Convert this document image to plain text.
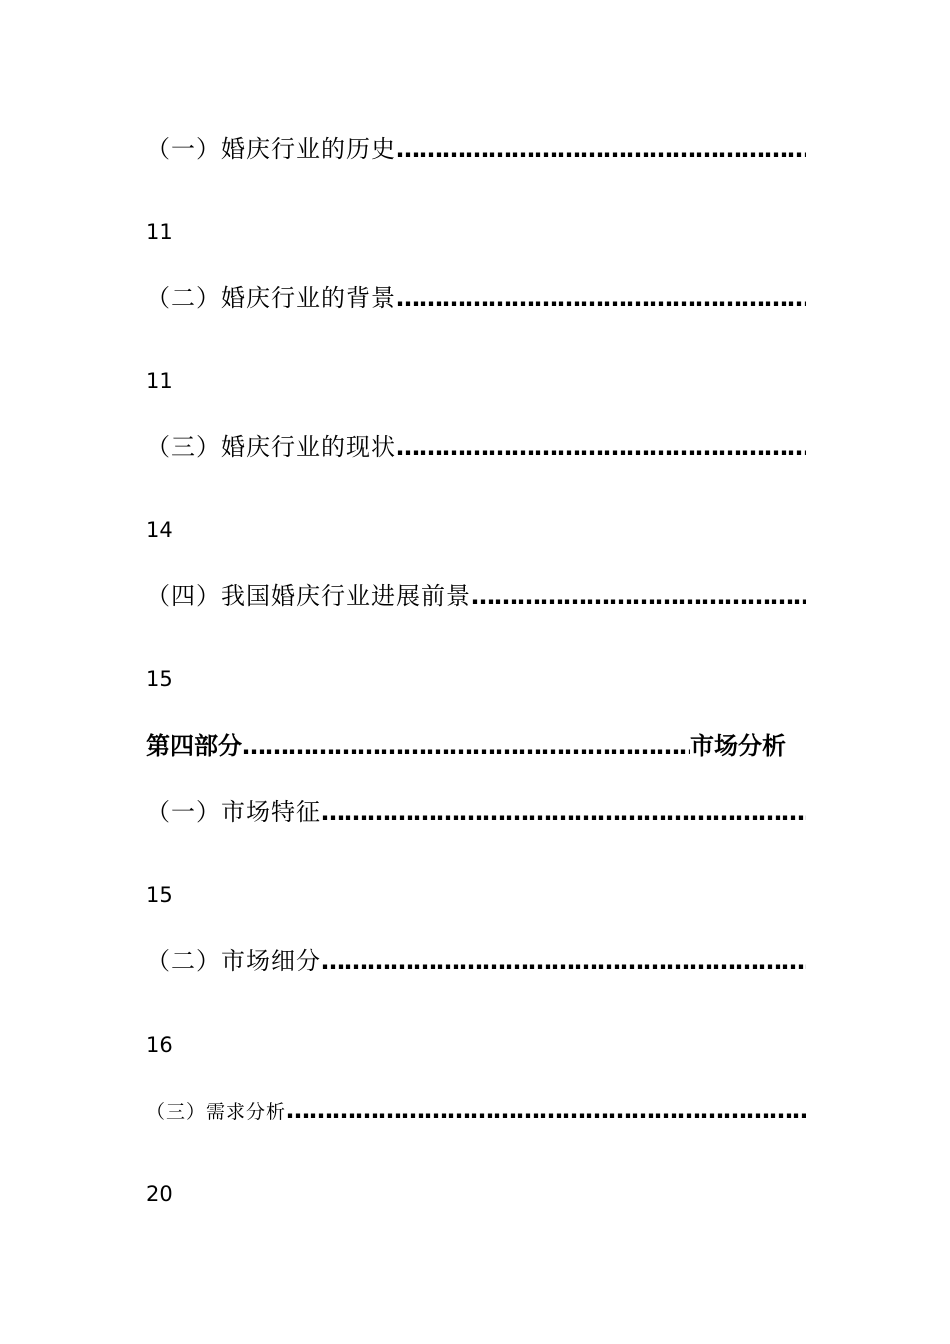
（一）婚庆行业的历史
………………………………………………………………………………………………………………………………
11
（二）婚庆行业的背景
………………………………………………………………………………………………………………………………
11
（三）婚庆行业的现状
………………………………………………………………………………………………………………………………
14
（四）我国婚庆行业进展前景
………………………………………………………………………………………………………………………………
15
第四部分
………………………………………………………………………………………………………………………………	市场分析
（一）市场特征
………………………………………………………………………………………………………………………………
15
（二）市场细分
………………………………………………………………………………………………………………………………
16
（三）需求分析
………………………………………………………………………………………………………………………………
20
